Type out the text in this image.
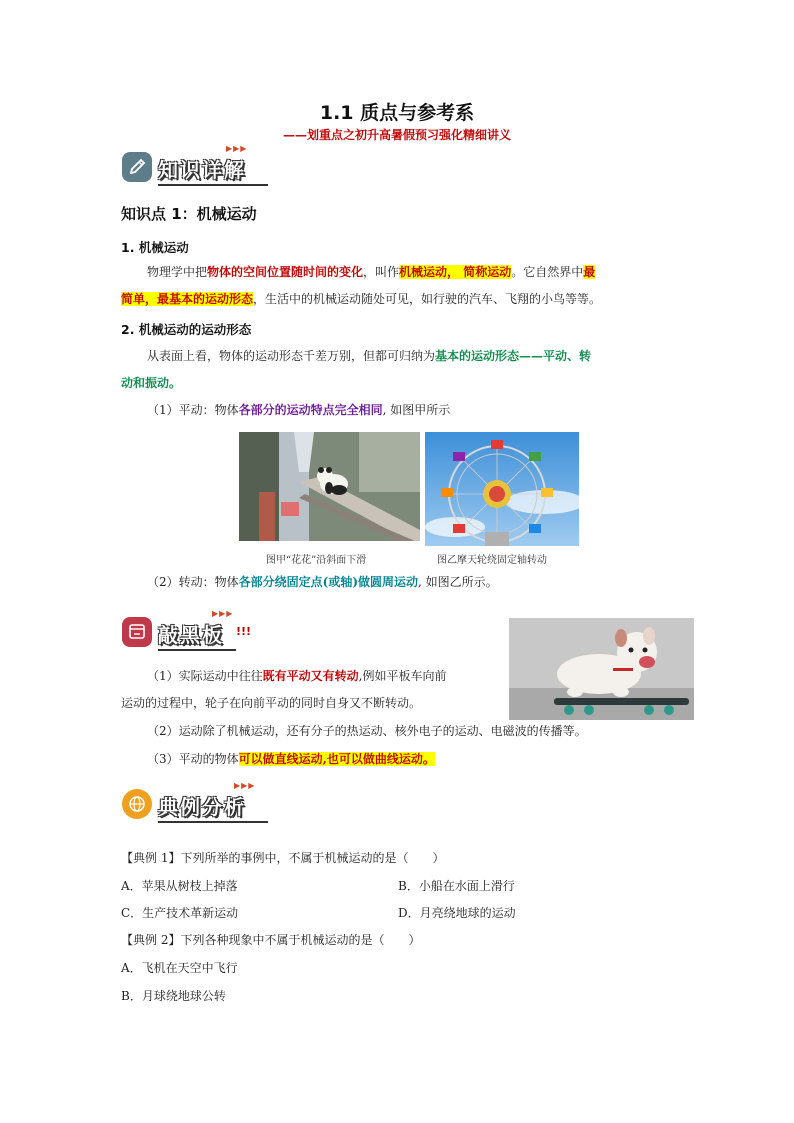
1.1 质点与参考系
——划重点之初升高暑假预习强化精细讲义
▶▶▶
知识详解
知识点 1：机械运动
1. 机械运动
物理学中把物体的空间位置随时间的变化，叫作机械运动， 简称运动。它自然界中最
简单，最基本的运动形态，生活中的机械运动随处可见，如行驶的汽车、飞翔的小鸟等等。
2. 机械运动的运动形态
从表面上看，物体的运动形态千差万别，但都可归纳为基本的运动形态——平动、转
动和振动。
（1）平动：物体各部分的运动特点完全相同, 如图甲所示
图甲“花花”沿斜面下滑	图乙摩天轮绕固定轴转动
（2）转动：物体各部分绕固定点(或轴)做圆周运动, 如图乙所示。
▶▶▶
敲黑板 !!!
（1）实际运动中往往既有平动又有转动,例如平板车向前
运动的过程中，轮子在向前平动的同时自身又不断转动。
（2）运动除了机械运动，还有分子的热运动、核外电子的运动、电磁波的传播等。
（3）平动的物体可以做直线运动,也可以做曲线运动。
▶▶▶
典例分析
【典例 1】下列所举的事例中，不属于机械运动的是（　　）
A．苹果从树枝上掉落	B．小船在水面上滑行
C．生产技术革新运动	D．月亮绕地球的运动
【典例 2】下列各种现象中不属于机械运动的是（　　）
A．飞机在天空中飞行
B．月球绕地球公转
